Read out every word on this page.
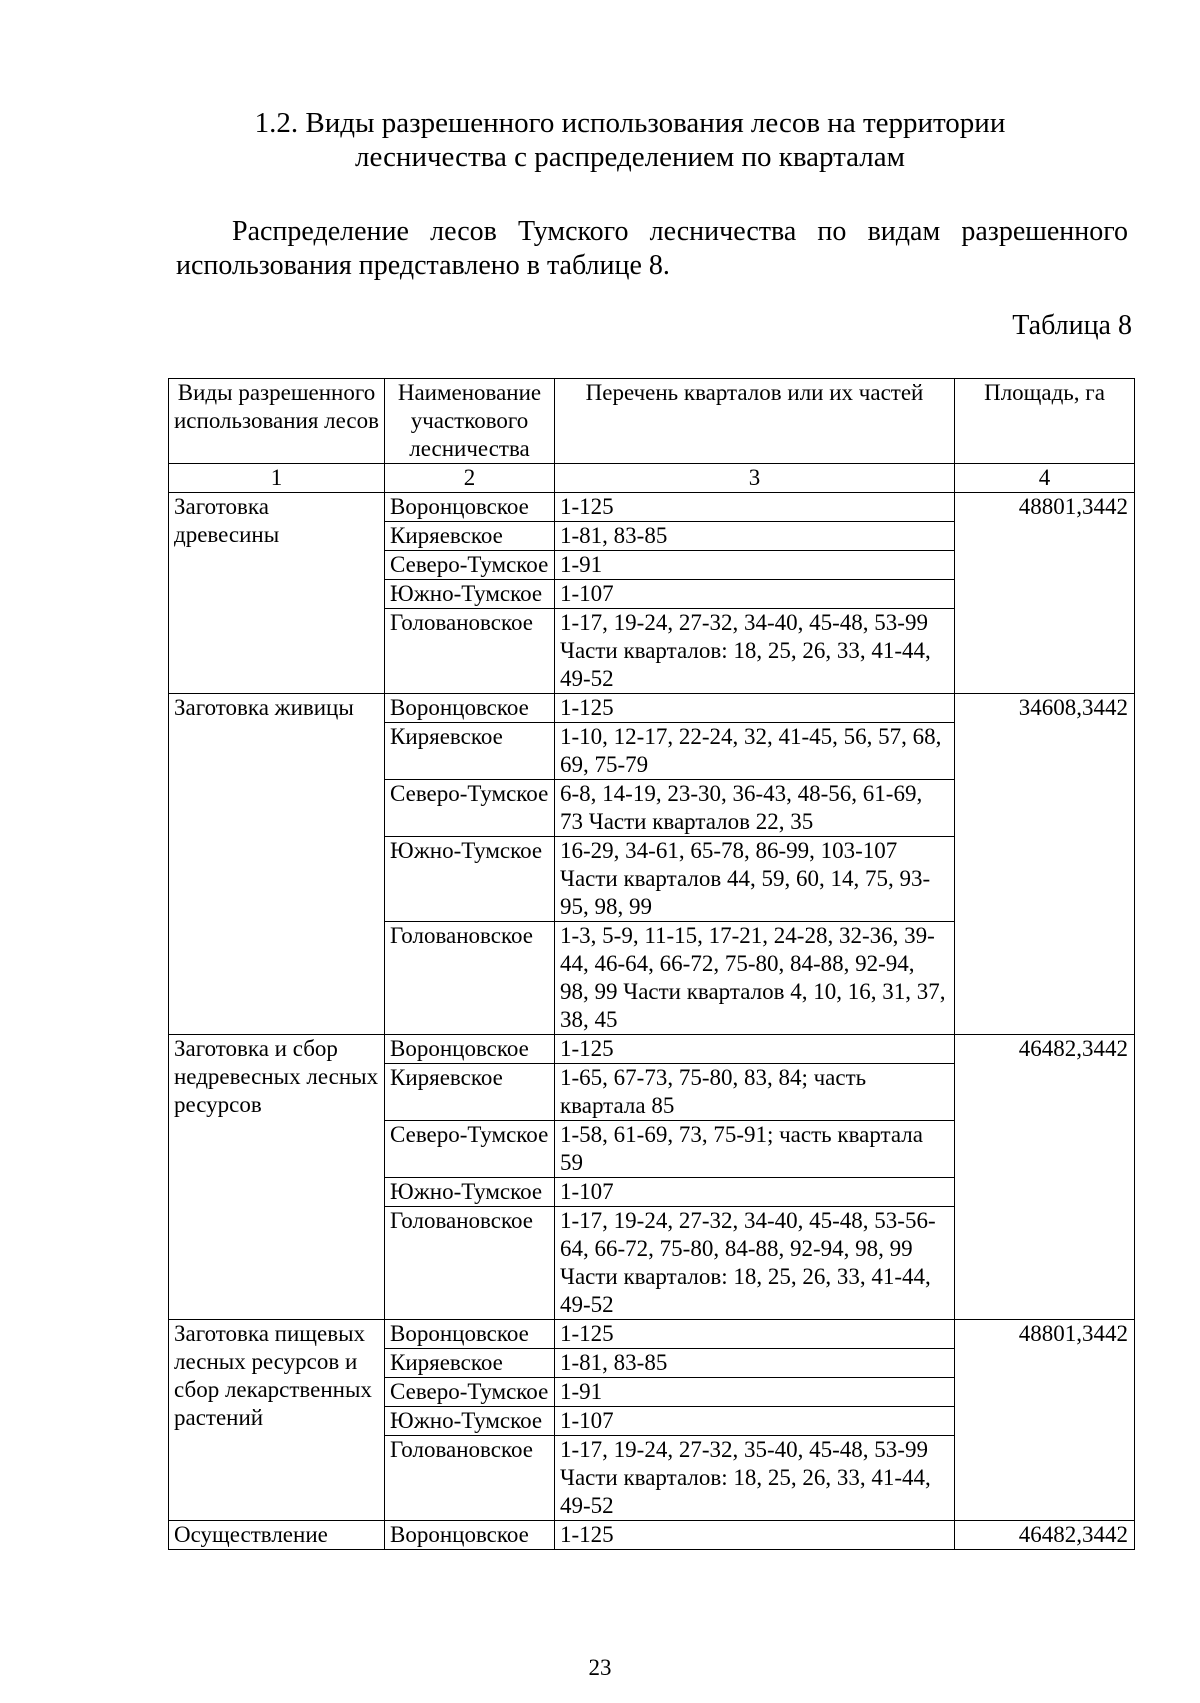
1.2. Виды разрешенного использования лесов на территории
лесничества с распределением по кварталам

Распределение лесов Тумского лесничества по видам разрешенного использования представлено в таблице 8.

Таблица 8

Виды разрешенного использования лесов	Наименование участкового лесничества	Перечень кварталов или их частей	Площадь, га
1	2	3	4
Заготовка древесины	Воронцовское	1-125	48801,3442
	Киряевское	1-81, 83-85	
	Северо-Тумское	1-91	
	Южно-Тумское	1-107	
	Голованoвское	1-17, 19-24, 27-32, 34-40, 45-48, 53-99 Части кварталов: 18, 25, 26, 33, 41-44, 49-52	
Заготовка живицы	Воронцовское	1-125	34608,3442
	Киряевское	1-10, 12-17, 22-24, 32, 41-45, 56, 57, 68, 69, 75-79	
	Северо-Тумское	6-8, 14-19, 23-30, 36-43, 48-56, 61-69, 73 Части кварталов 22, 35	
	Южно-Тумское	16-29, 34-61, 65-78, 86-99, 103-107 Части кварталов 44, 59, 60, 14, 75, 93-95, 98, 99	
	Голованoвское	1-3, 5-9, 11-15, 17-21, 24-28, 32-36, 39-44, 46-64, 66-72, 75-80, 84-88, 92-94, 98, 99 Части кварталов 4, 10, 16, 31, 37, 38, 45	
Заготовка и сбор недревесных лесных ресурсов	Воронцовское	1-125	46482,3442
	Киряевское	1-65, 67-73, 75-80, 83, 84; часть квартала 85	
	Северо-Тумское	1-58, 61-69, 73, 75-91; часть квартала 59	
	Южно-Тумское	1-107	
	Голованoвское	1-17, 19-24, 27-32, 34-40, 45-48, 53-56-64, 66-72, 75-80, 84-88, 92-94, 98, 99 Части кварталов: 18, 25, 26, 33, 41-44, 49-52	
Заготовка пищевых лесных ресурсов и сбор лекарственных растений	Воронцовское	1-125	48801,3442
	Киряевское	1-81, 83-85	
	Северо-Тумское	1-91	
	Южно-Тумское	1-107	
	Голованoвское	1-17, 19-24, 27-32, 35-40, 45-48, 53-99 Части кварталов: 18, 25, 26, 33, 41-44, 49-52	
Осуществление	Воронцовское	1-125	46482,3442

23
